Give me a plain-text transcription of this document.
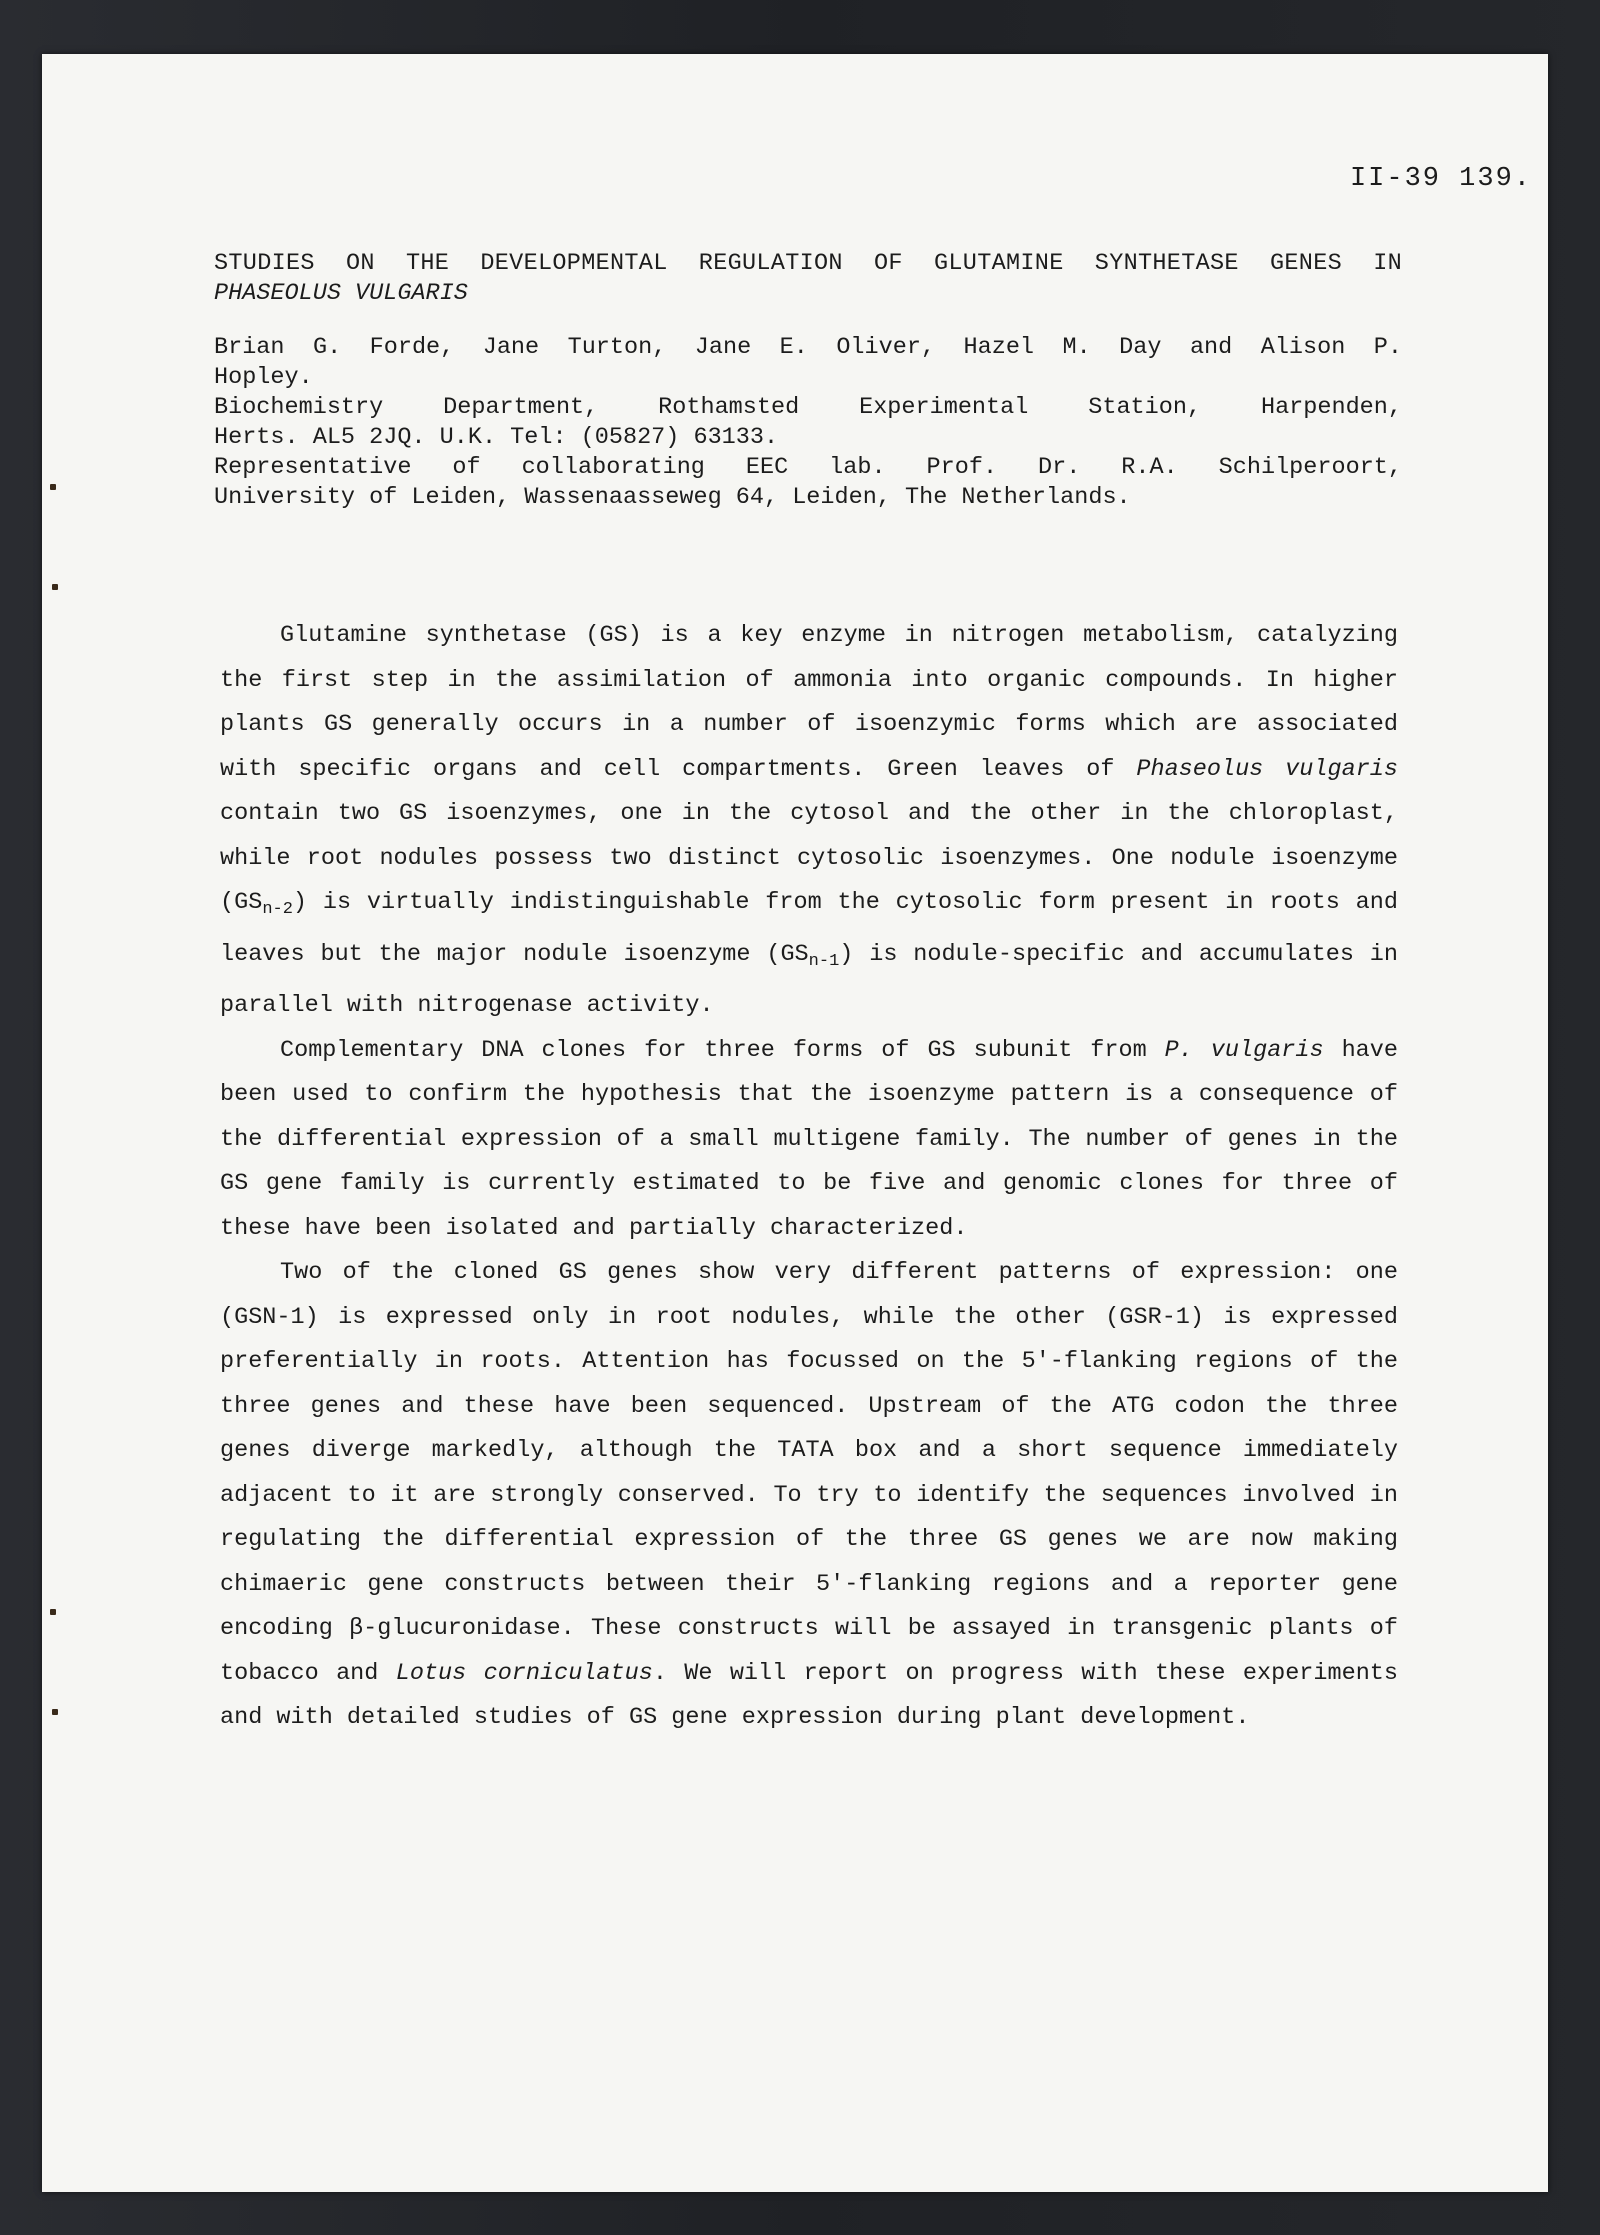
II-39 139.
STUDIES ON THE DEVELOPMENTAL REGULATION OF GLUTAMINE SYNTHETASE GENES IN
PHASEOLUS VULGARIS
Brian G. Forde, Jane Turton, Jane E. Oliver, Hazel M. Day and Alison P.
Hopley.
Biochemistry Department, Rothamsted Experimental Station, Harpenden,
Herts. AL5 2JQ. U.K. Tel: (05827) 63133.
Representative of collaborating EEC lab. Prof. Dr. R.A. Schilperoort,
University of Leiden, Wassenaasseweg 64, Leiden, The Netherlands.

Glutamine synthetase (GS) is a key enzyme in nitrogen metabolism, catalyzing the first step in the assimilation of ammonia into organic compounds. In higher plants GS generally occurs in a number of isoenzymic forms which are associated with specific organs and cell compartments. Green leaves of Phaseolus vulgaris contain two GS isoenzymes, one in the cytosol and the other in the chloroplast, while root nodules possess two distinct cytosolic isoenzymes. One nodule isoenzyme $(GS_{n-2})$ is virtually indistinguishable from the cytosolic form present in roots and leaves but the major nodule isoenzyme $(GS_{n-1})$ is nodule-specific and accumulates in parallel with nitrogenase activity.

Complementary DNA clones for three forms of GS subunit from P. vulgaris have been used to confirm the hypothesis that the isoenzyme pattern is a consequence of the differential expression of a small multigene family. The number of genes in the GS gene family is currently estimated to be five and genomic clones for three of these have been isolated and partially characterized.

Two of the cloned GS genes show very different patterns of expression: one (GSN-1) is expressed only in root nodules, while the other (GSR-1) is expressed preferentially in roots. Attention has focussed on the 5'-flanking regions of the three genes and these have been sequenced. Upstream of the ATG codon the three genes diverge markedly, although the TATA box and a short sequence immediately adjacent to it are strongly conserved. To try to identify the sequences involved in regulating the differential expression of the three GS genes we are now making chimaeric gene constructs between their 5'-flanking regions and a reporter gene encoding β-glucuronidase. These constructs will be assayed in transgenic plants of tobacco and Lotus corniculatus. We will report on progress with these experiments and with detailed studies of GS gene expression during plant development.
